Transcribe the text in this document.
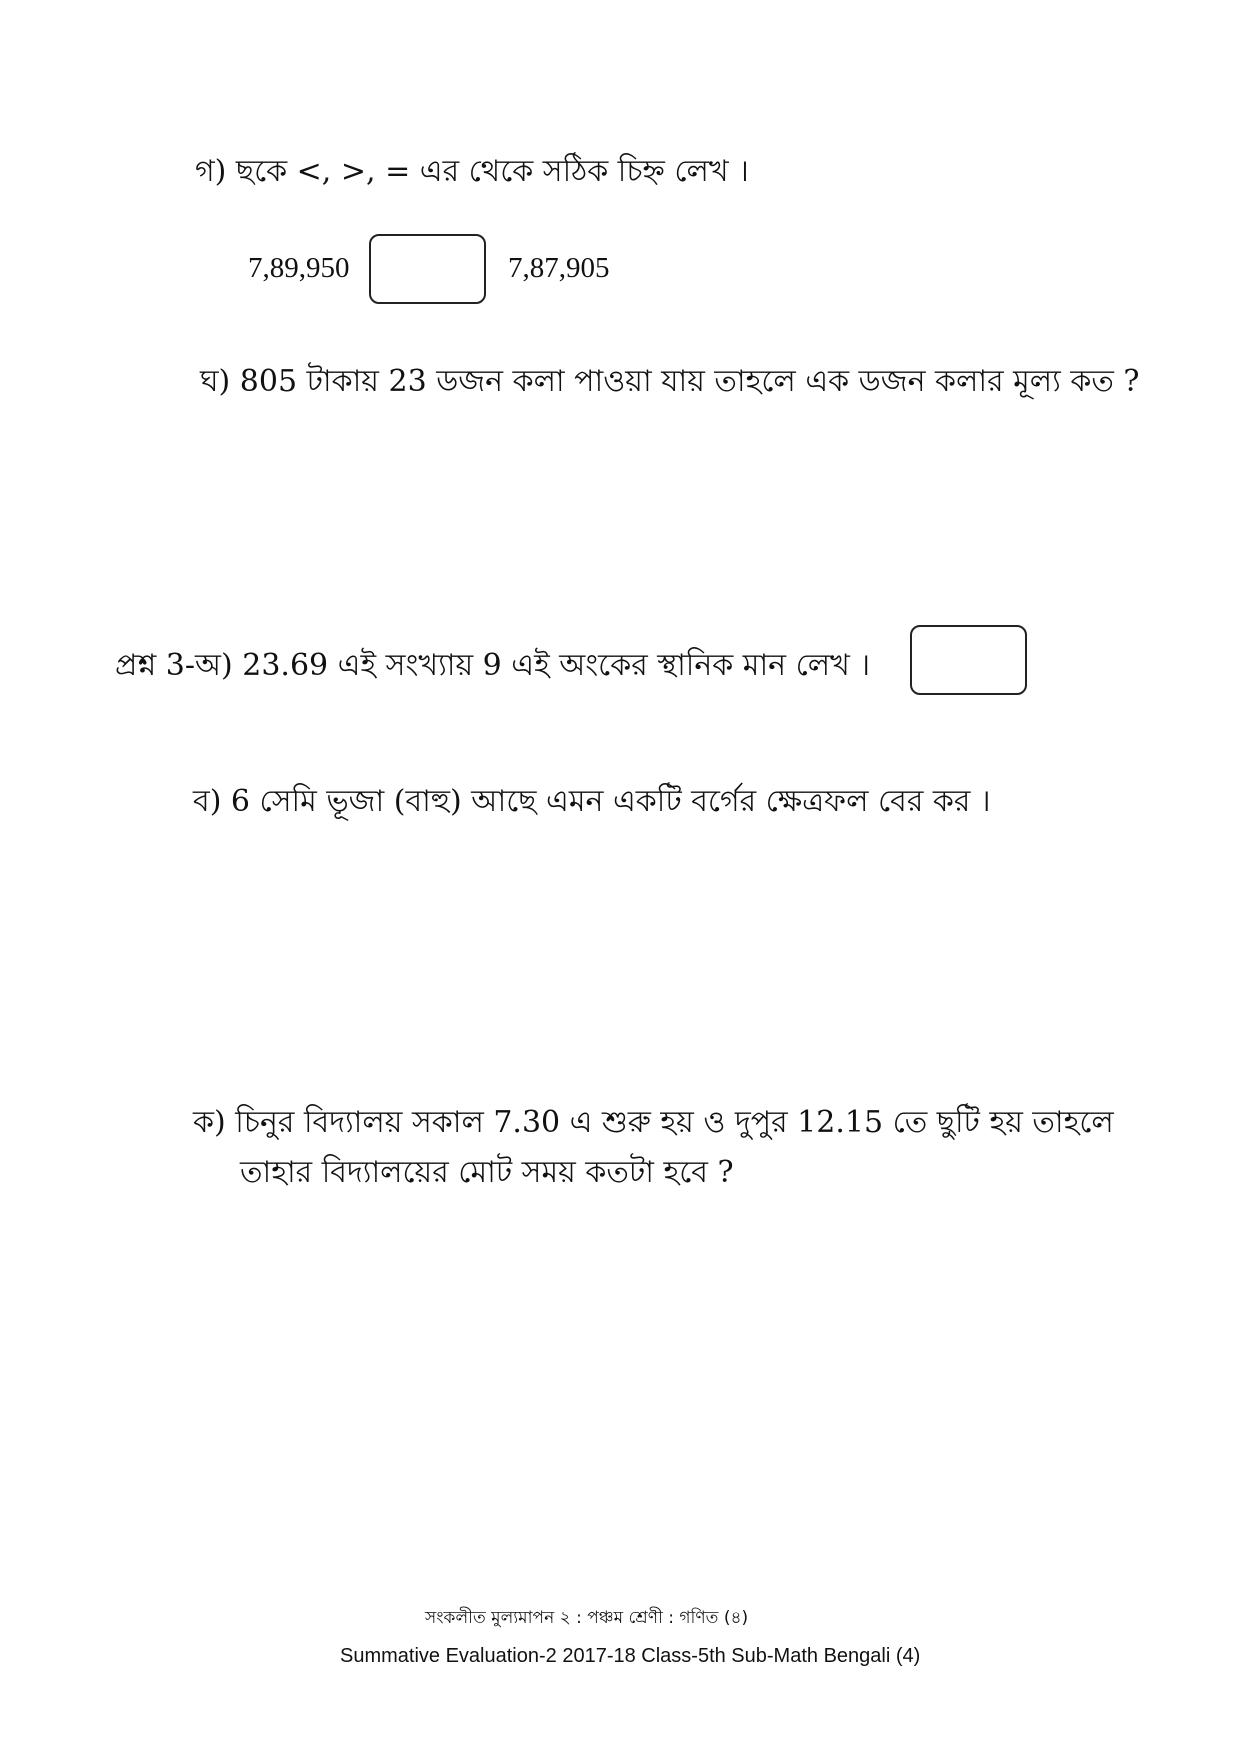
গ) ছকে <, >, = এর থেকে সঠিক চিহ্ন লেখ ।
7,89,950	7,87,905
ঘ) 805 টাকায় 23 ডজন কলা পাওয়া যায় তাহলে এক ডজন কলার মূল্য কত ?
প্রশ্ন 3-অ) 23.69 এই সংখ্যায় 9 এই অংকের স্থানিক মান লেখ ।
ব) 6 সেমি ভূজা (বাহু) আছে এমন একটি বর্গের ক্ষেত্রফল বের কর ।
ক) চিনুর বিদ্যালয় সকাল 7.30 এ শুরু হয় ও দুপুর 12.15 তে ছুটি হয় তাহলে
তাহার বিদ্যালয়ের মোট সময় কতটা হবে ?
সংকলীত মুল্যমাপন ২ : পঞ্চম শ্রেণী : গণিত (৪)
Summative Evaluation-2 2017-18 Class-5th Sub-Math Bengali (4)
